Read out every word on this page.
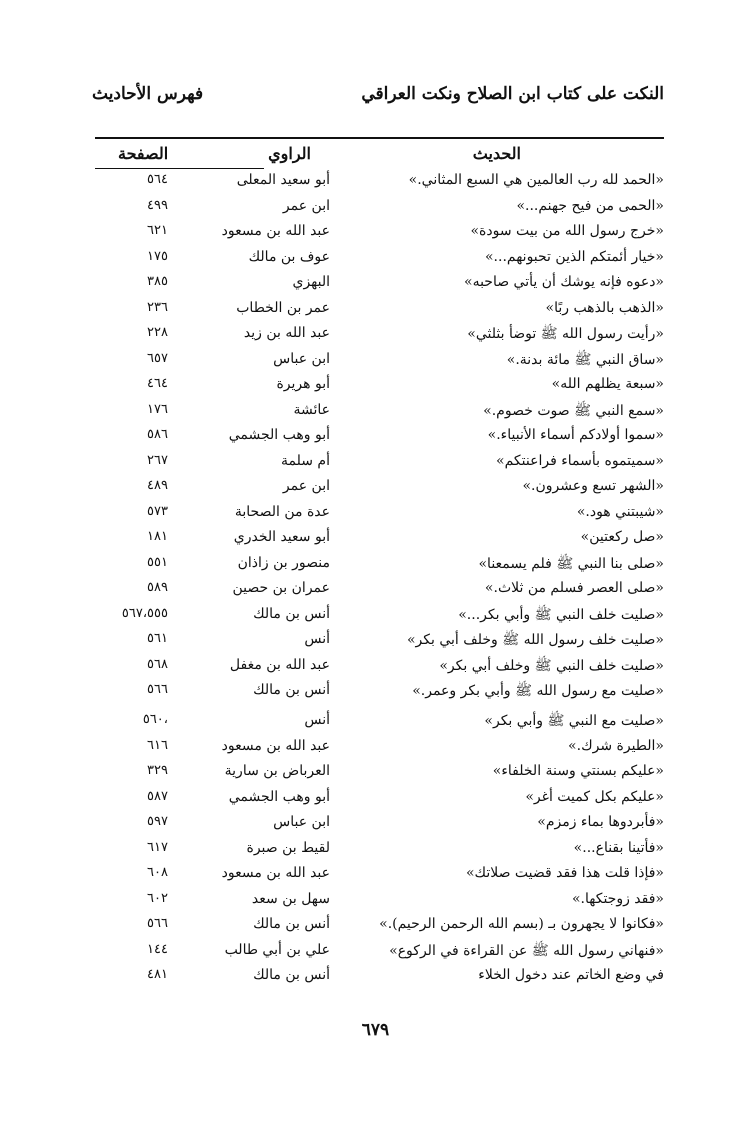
النكت على كتاب ابن الصلاح ونكت العراقي
فهرس الأحاديث
الحديث
الراوي
الصفحة
«الحمد لله رب العالمين هي السبع المثاني.»
أبو سعيد المعلى
٥٦٤
«الحمى من فيح جهنم...»
ابن عمر
٤٩٩
«خرج رسول الله من بيت سودة»
عبد الله بن مسعود
٦٢١
«خيار أئمتكم الذين تحبونهم...»
عوف بن مالك
١٧٥
«دعوه فإنه يوشك أن يأتي صاحبه»
البهزي
٣٨٥
«الذهب بالذهب ربًا»
عمر بن الخطاب
٢٣٦
«رأيت رسول الله ﷺ توضأ بثلثي»
عبد الله بن زيد
٢٢٨
«ساق النبي ﷺ مائة بدنة.»
ابن عباس
٦٥٧
«سبعة يظلهم الله»
أبو هريرة
٤٦٤
«سمع النبي ﷺ صوت خصوم.»
عائشة
١٧٦
«سموا أولادكم أسماء الأنبياء.»
أبو وهب الجشمي
٥٨٦
«سميتموه بأسماء فراعنتكم»
أم سلمة
٢٦٧
«الشهر تسع وعشرون.»
ابن عمر
٤٨٩
«شيبتني هود.»
عدة من الصحابة
٥٧٣
«صل ركعتين»
أبو سعيد الخدري
١٨١
«صلى بنا النبي ﷺ فلم يسمعنا»
منصور بن زاذان
٥٥١
«صلى العصر فسلم من ثلاث.»
عمران بن حصين
٥٨٩
«صليت خلف النبي ﷺ وأبي بكر...»
أنس بن مالك
٥٦٧،٥٥٥
«صليت خلف رسول الله ﷺ وخلف أبي بكر»
أنس
٥٦١
«صليت خلف النبي ﷺ وخلف أبي بكر»
عبد الله بن مغفل
٥٦٨
«صليت مع رسول الله ﷺ وأبي بكر وعمر.»
أنس بن مالك
٥٦٦
«صليت مع النبي ﷺ وأبي بكر»
أنس
،٥٦٠
«الطيرة شرك.»
عبد الله بن مسعود
٦١٦
«عليكم بسنتي وسنة الخلفاء»
العرباض بن سارية
٣٢٩
«عليكم بكل كميت أغر»
أبو وهب الجشمي
٥٨٧
«فأبردوها بماء زمزم»
ابن عباس
٥٩٧
«فأتينا بقناع...»
لقيط بن صبرة
٦١٧
«فإذا قلت هذا فقد قضيت صلاتك»
عبد الله بن مسعود
٦٠٨
«فقد زوجتكها.»
سهل بن سعد
٦٠٢
«فكانوا لا يجهرون بـ (بسم الله الرحمن الرحيم).»
أنس بن مالك
٥٦٦
«فنهاني رسول الله ﷺ عن القراءة في الركوع»
علي بن أبي طالب
١٤٤
في وضع الخاتم عند دخول الخلاء
أنس بن مالك
٤٨١
٦٧٩
